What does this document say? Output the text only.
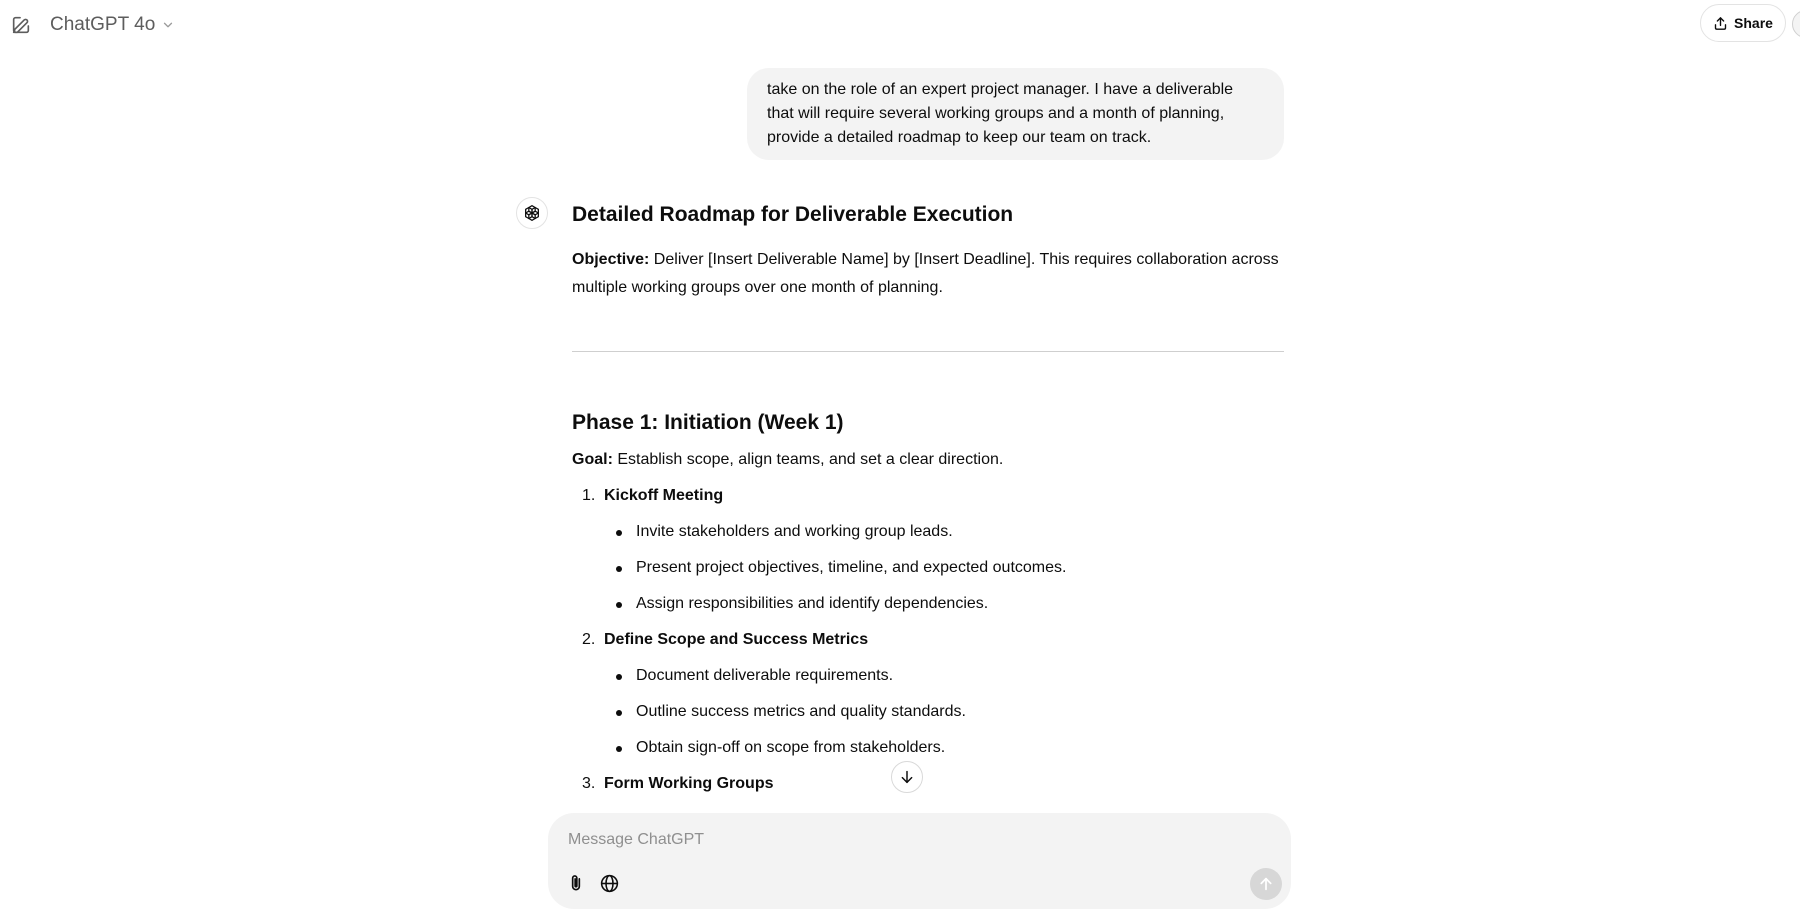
ChatGPT 4o	Share
take on the role of an expert project manager. I have a deliverable that will require several working groups and a month of planning, provide a detailed roadmap to keep our team on track.
Detailed Roadmap for Deliverable Execution

Objective: Deliver [Insert Deliverable Name] by [Insert Deadline]. This requires collaboration across multiple working groups over one month of planning.

Phase 1: Initiation (Week 1)

Goal: Establish scope, align teams, and set a clear direction.

1. Kickoff Meeting
Invite stakeholders and working group leads.
Present project objectives, timeline, and expected outcomes.
Assign responsibilities and identify dependencies.
2. Define Scope and Success Metrics
Document deliverable requirements.
Outline success metrics and quality standards.
Obtain sign-off on scope from stakeholders.
3. Form Working Groups
Message ChatGPT
